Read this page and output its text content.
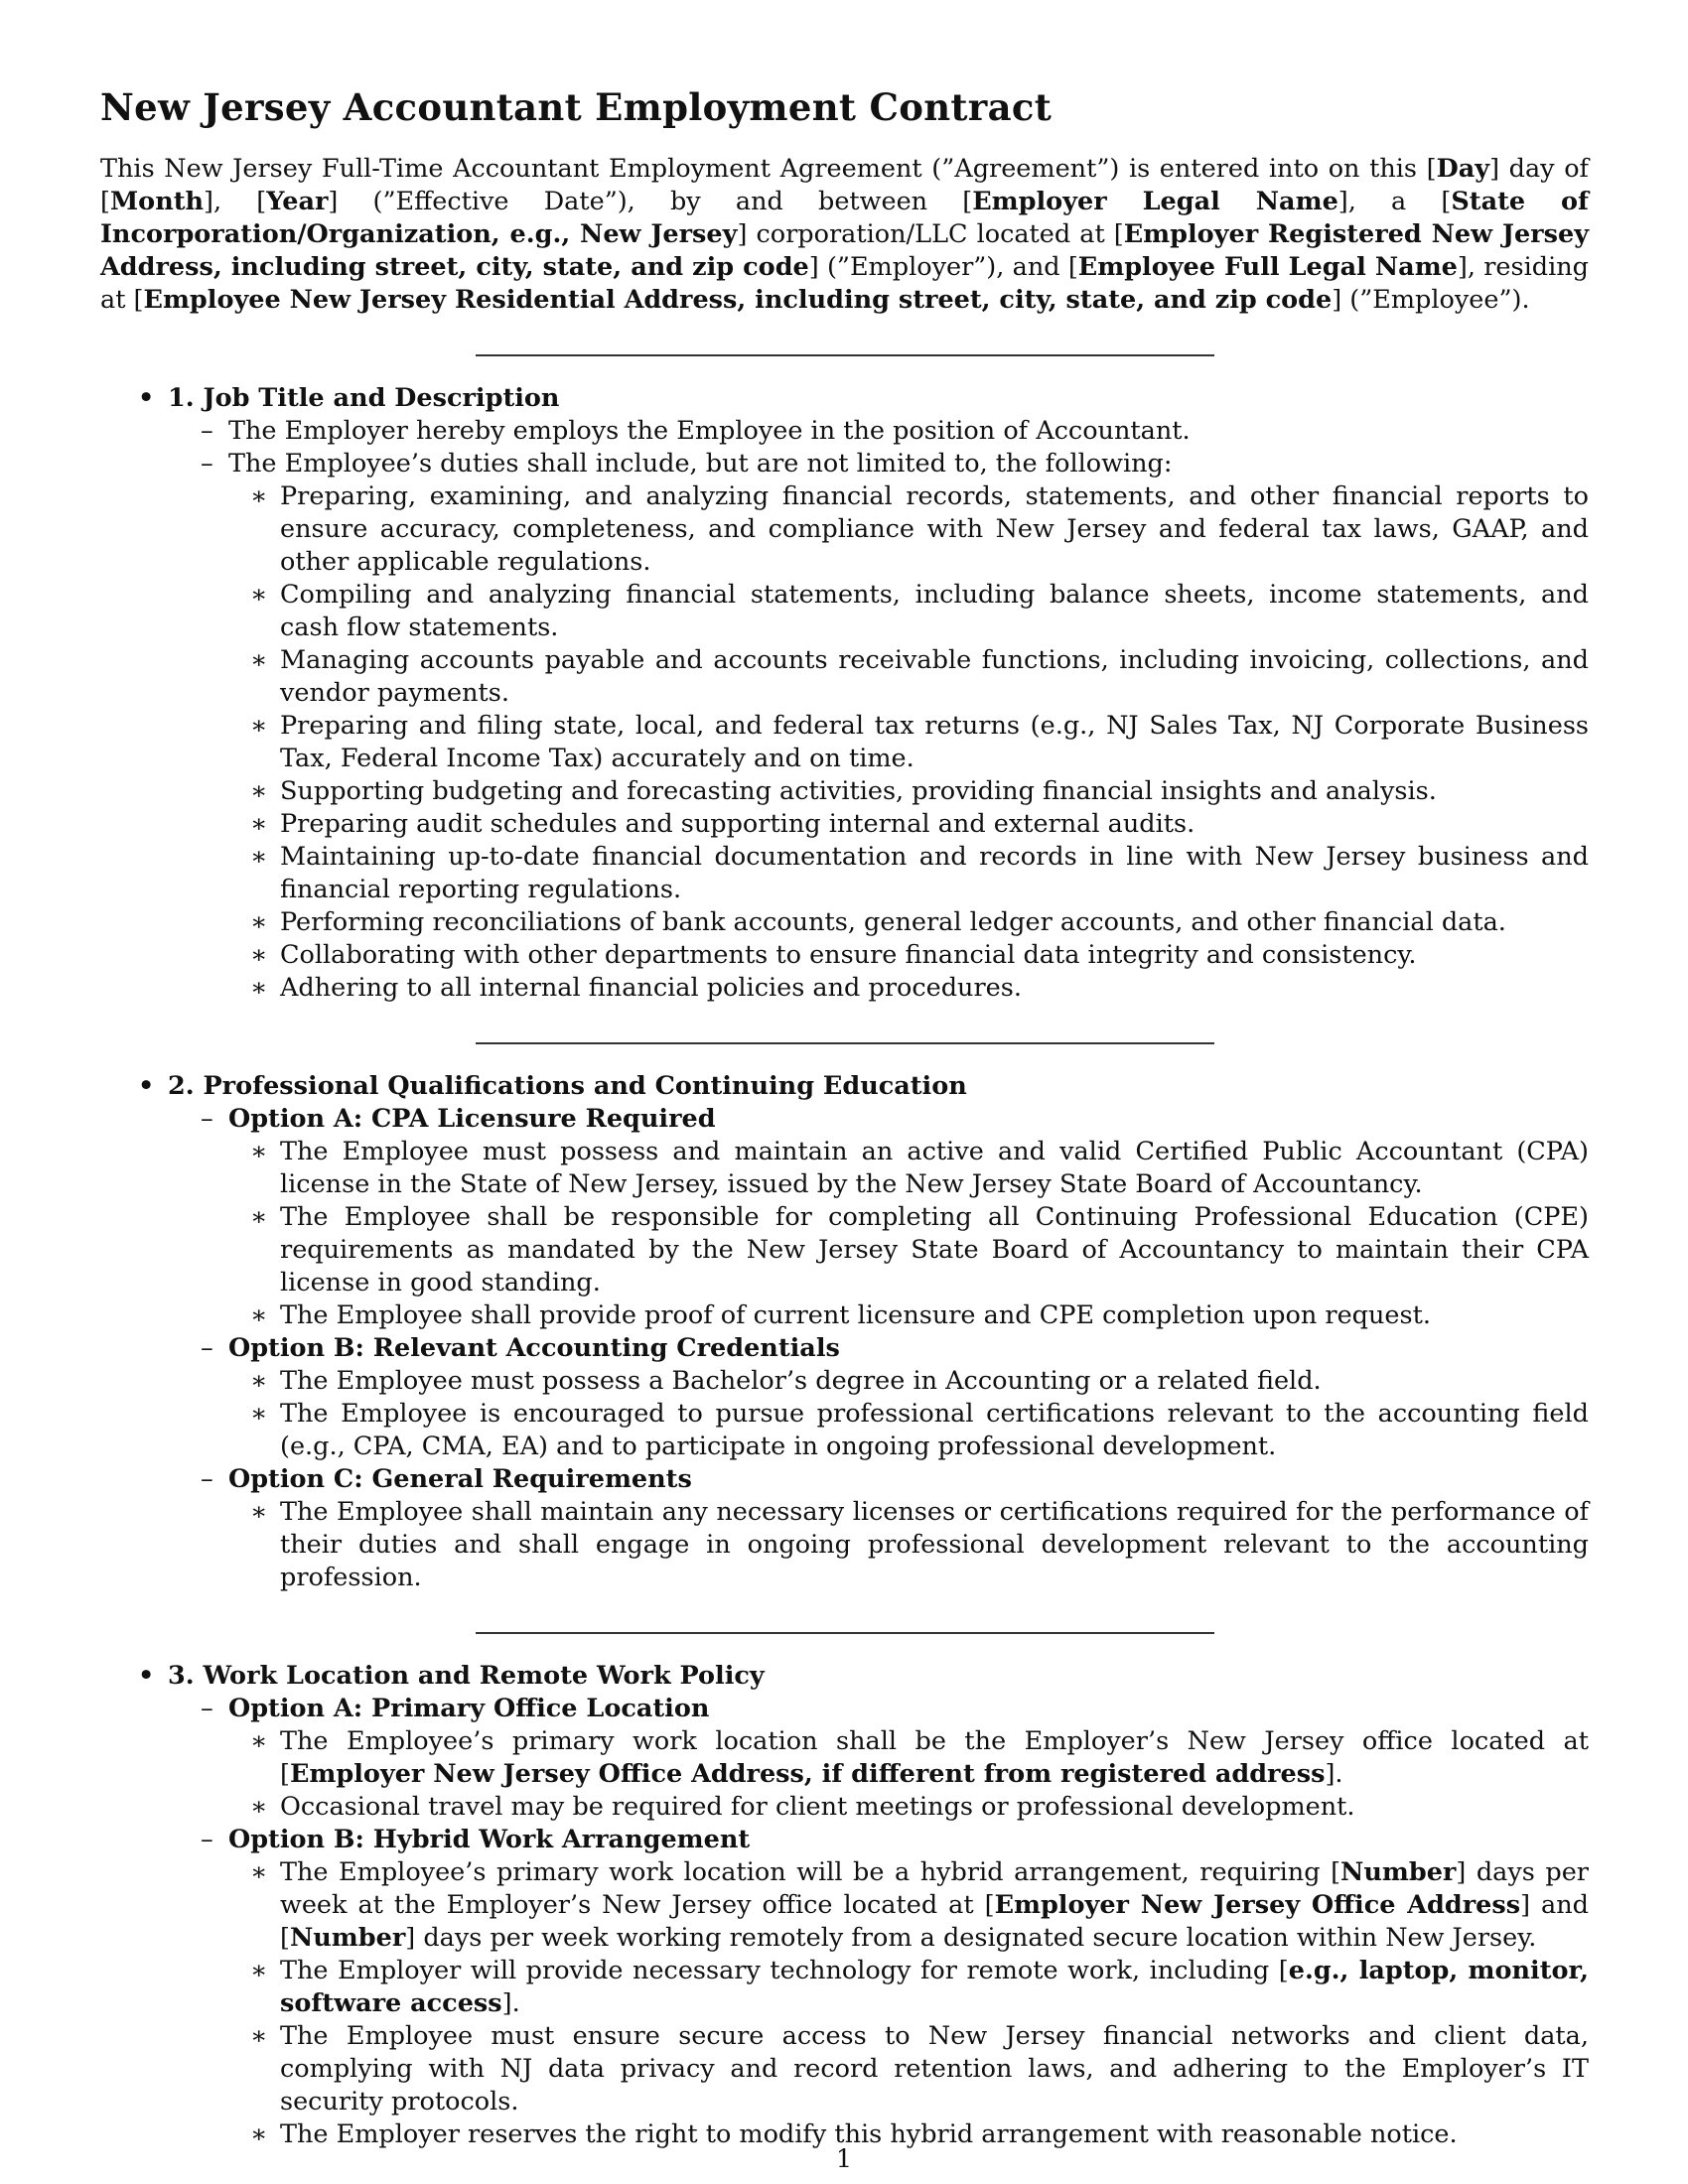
New Jersey Accountant Employment Contract

This New Jersey Full-Time Accountant Employment Agreement (”Agreement”) is entered into on this [Day] day of [Month], [Year] (”Effective Date”), by and between [Employer Legal Name], a [State of Incorporation/Organization, e.g., New Jersey] corporation/LLC located at [Employer Registered New Jersey Address, including street, city, state, and zip code] (”Employer”), and [Employee Full Legal Name], residing at [Employee New Jersey Residential Address, including street, city, state, and zip code] (”Employee”).

• 1. Job Title and Description
– The Employer hereby employs the Employee in the position of Accountant.
– The Employee’s duties shall include, but are not limited to, the following:
∗ Preparing, examining, and analyzing financial records, statements, and other financial reports to ensure accuracy, completeness, and compliance with New Jersey and federal tax laws, GAAP, and other applicable regulations.
∗ Compiling and analyzing financial statements, including balance sheets, income statements, and cash flow statements.
∗ Managing accounts payable and accounts receivable functions, including invoicing, collections, and vendor payments.
∗ Preparing and filing state, local, and federal tax returns (e.g., NJ Sales Tax, NJ Corporate Business Tax, Federal Income Tax) accurately and on time.
∗ Supporting budgeting and forecasting activities, providing financial insights and analysis.
∗ Preparing audit schedules and supporting internal and external audits.
∗ Maintaining up-to-date financial documentation and records in line with New Jersey business and financial reporting regulations.
∗ Performing reconciliations of bank accounts, general ledger accounts, and other financial data.
∗ Collaborating with other departments to ensure financial data integrity and consistency.
∗ Adhering to all internal financial policies and procedures.
• 2. Professional Qualifications and Continuing Education
– Option A: CPA Licensure Required
∗ The Employee must possess and maintain an active and valid Certified Public Accountant (CPA) license in the State of New Jersey, issued by the New Jersey State Board of Accountancy.
∗ The Employee shall be responsible for completing all Continuing Professional Education (CPE) requirements as mandated by the New Jersey State Board of Accountancy to maintain their CPA license in good standing.
∗ The Employee shall provide proof of current licensure and CPE completion upon request.
– Option B: Relevant Accounting Credentials
∗ The Employee must possess a Bachelor’s degree in Accounting or a related field.
∗ The Employee is encouraged to pursue professional certifications relevant to the accounting field (e.g., CPA, CMA, EA) and to participate in ongoing professional development.
– Option C: General Requirements
∗ The Employee shall maintain any necessary licenses or certifications required for the performance of their duties and shall engage in ongoing professional development relevant to the accounting profession.
• 3. Work Location and Remote Work Policy
– Option A: Primary Office Location
∗ The Employee’s primary work location shall be the Employer’s New Jersey office located at [Employer New Jersey Office Address, if different from registered address].
∗ Occasional travel may be required for client meetings or professional development.
– Option B: Hybrid Work Arrangement
∗ The Employee’s primary work location will be a hybrid arrangement, requiring [Number] days per week at the Employer’s New Jersey office located at [Employer New Jersey Office Address] and [Number] days per week working remotely from a designated secure location within New Jersey.
∗ The Employer will provide necessary technology for remote work, including [e.g., laptop, monitor, software access].
∗ The Employee must ensure secure access to New Jersey financial networks and client data, complying with NJ data privacy and record retention laws, and adhering to the Employer’s IT security protocols.
∗ The Employer reserves the right to modify this hybrid arrangement with reasonable notice.
1
